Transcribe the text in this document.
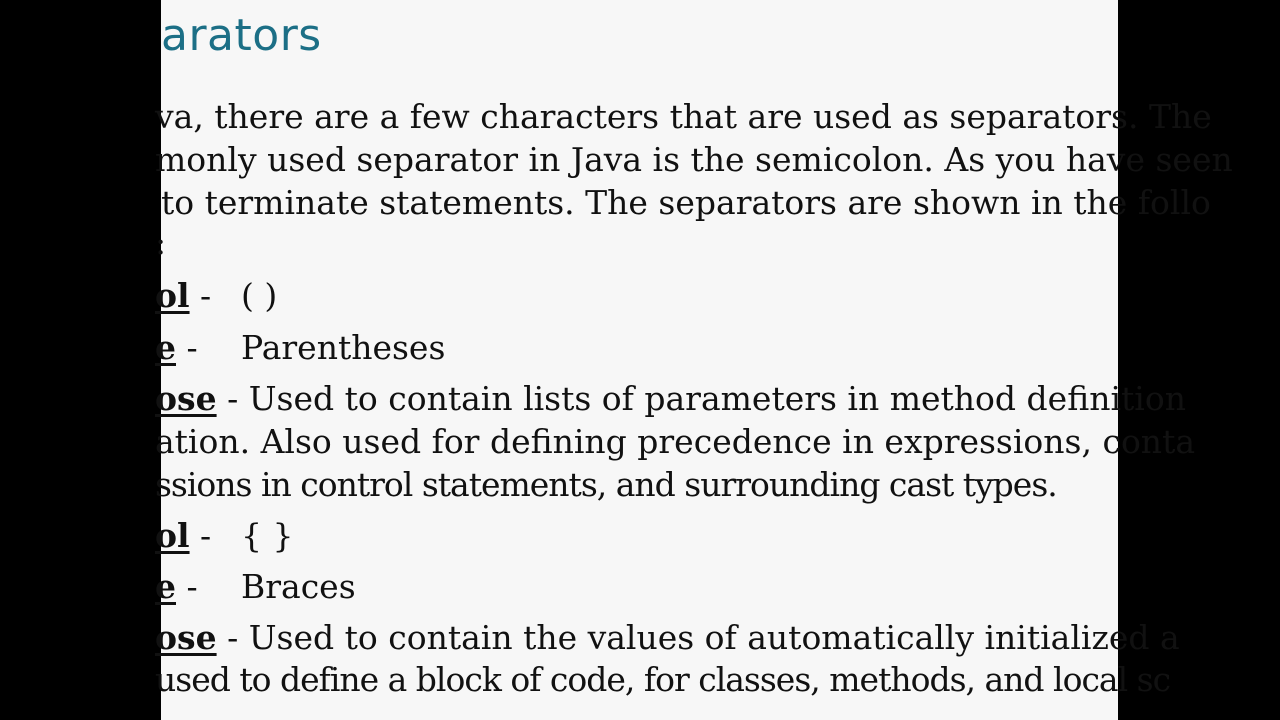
arators
va, there are a few characters that are used as separators. The
monly used separator in Java is the semicolon. As you have seen
to terminate statements. The separators are shown in the follo
:
ol - ( )
e - Parentheses
ose - Used to contain lists of parameters in method definition
ation. Also used for defining precedence in expressions, conta
ssions in control statements, and surrounding cast types.
ol - { }
e - Braces
ose - Used to contain the values of automatically initialized a
used to define a block of code, for classes, methods, and local sc
